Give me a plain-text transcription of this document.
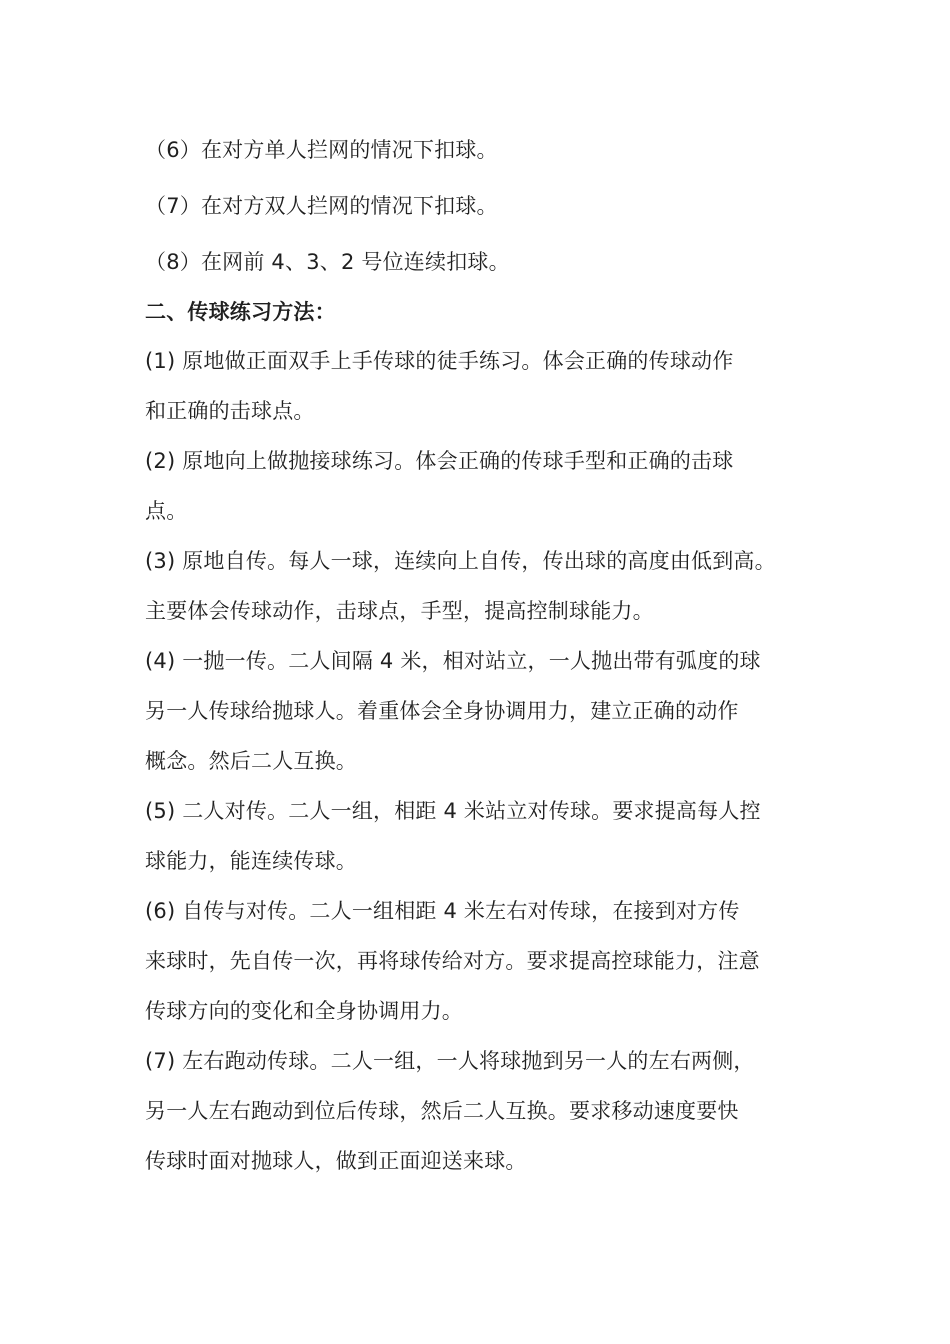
（6）在对方单人拦网的情况下扣球。
（7）在对方双人拦网的情况下扣球。
（8）在网前 4、3、2 号位连续扣球。
二、传球练习方法：
(1) 原地做正面双手上手传球的徒手练习。体会正确的传球动作
和正确的击球点。
(2) 原地向上做抛接球练习。体会正确的传球手型和正确的击球
点。
(3) 原地自传。每人一球，连续向上自传，传出球的高度由低到高。
主要体会传球动作，击球点，手型，提高控制球能力。
(4) 一抛一传。二人间隔 4 米，相对站立，一人抛出带有弧度的球
另一人传球给抛球人。着重体会全身协调用力，建立正确的动作
概念。然后二人互换。
(5) 二人对传。二人一组，相距 4 米站立对传球。要求提高每人控
球能力，能连续传球。
(6) 自传与对传。二人一组相距 4 米左右对传球，在接到对方传
来球时，先自传一次，再将球传给对方。要求提高控球能力，注意
传球方向的变化和全身协调用力。
(7) 左右跑动传球。二人一组，一人将球抛到另一人的左右两侧，
另一人左右跑动到位后传球，然后二人互换。要求移动速度要快
传球时面对抛球人，做到正面迎送来球。
